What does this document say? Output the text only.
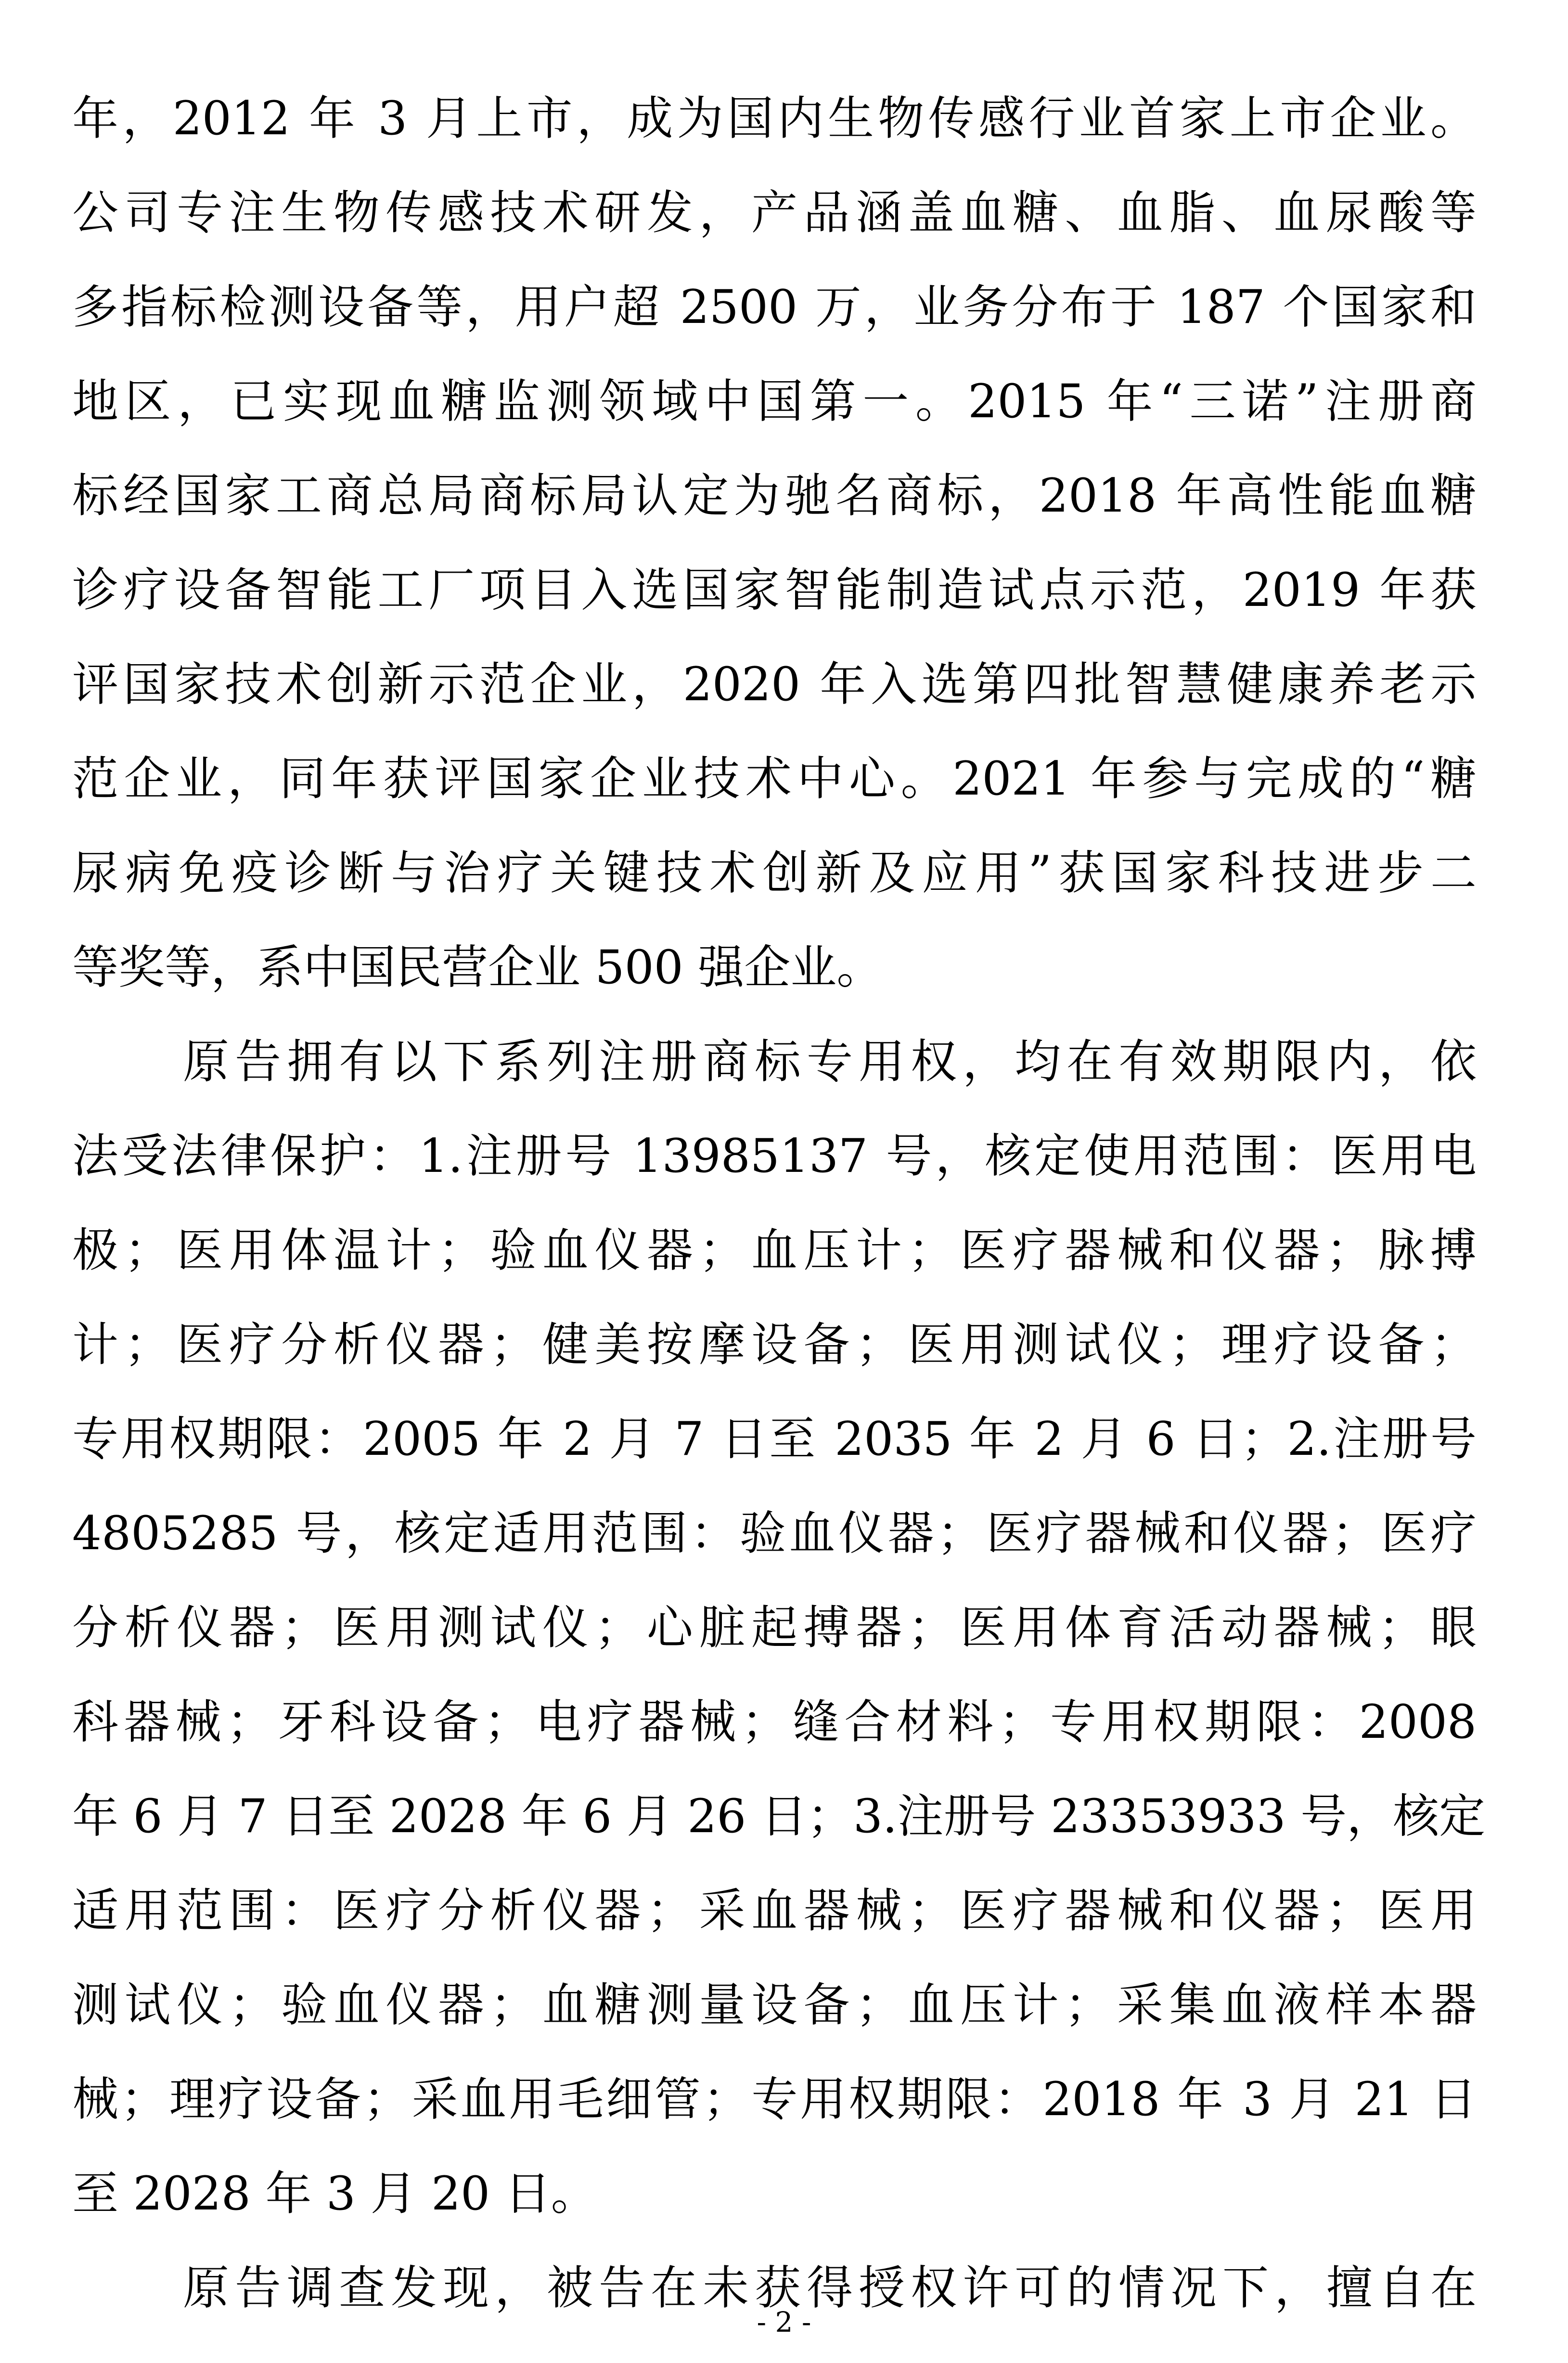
年，2012 年 3 月上市，成为国内生物传感行业首家上市企业。
公司专注生物传感技术研发，产品涵盖血糖、血脂、血尿酸等
多指标检测设备等，用户超 2500 万，业务分布于 187 个国家和
地区，已实现血糖监测领域中国第一。2015 年“三诺”注册商
标经国家工商总局商标局认定为驰名商标，2018 年高性能血糖
诊疗设备智能工厂项目入选国家智能制造试点示范，2019 年获
评国家技术创新示范企业，2020 年入选第四批智慧健康养老示
范企业，同年获评国家企业技术中心。2021 年参与完成的“糖
尿病免疫诊断与治疗关键技术创新及应用”获国家科技进步二
等奖等，系中国民营企业 500 强企业。
原告拥有以下系列注册商标专用权，均在有效期限内，依
法受法律保护：1.注册号 13985137 号，核定使用范围：医用电
极；医用体温计；验血仪器；血压计；医疗器械和仪器；脉搏
计；医疗分析仪器；健美按摩设备；医用测试仪；理疗设备；
专用权期限：2005 年 2 月 7 日至 2035 年 2 月 6 日；2.注册号
4805285 号，核定适用范围：验血仪器；医疗器械和仪器；医疗
分析仪器；医用测试仪；心脏起搏器；医用体育活动器械；眼
科器械；牙科设备；电疗器械；缝合材料；专用权期限：2008
年 6 月 7 日至 2028 年 6 月 26 日；3.注册号 23353933 号，核定
适用范围：医疗分析仪器；采血器械；医疗器械和仪器；医用
测试仪；验血仪器；血糖测量设备；血压计；采集血液样本器
械；理疗设备；采血用毛细管；专用权期限：2018 年 3 月 21 日
至 2028 年 3 月 20 日。
原告调查发现，被告在未获得授权许可的情况下，擅自在
- 2 -
